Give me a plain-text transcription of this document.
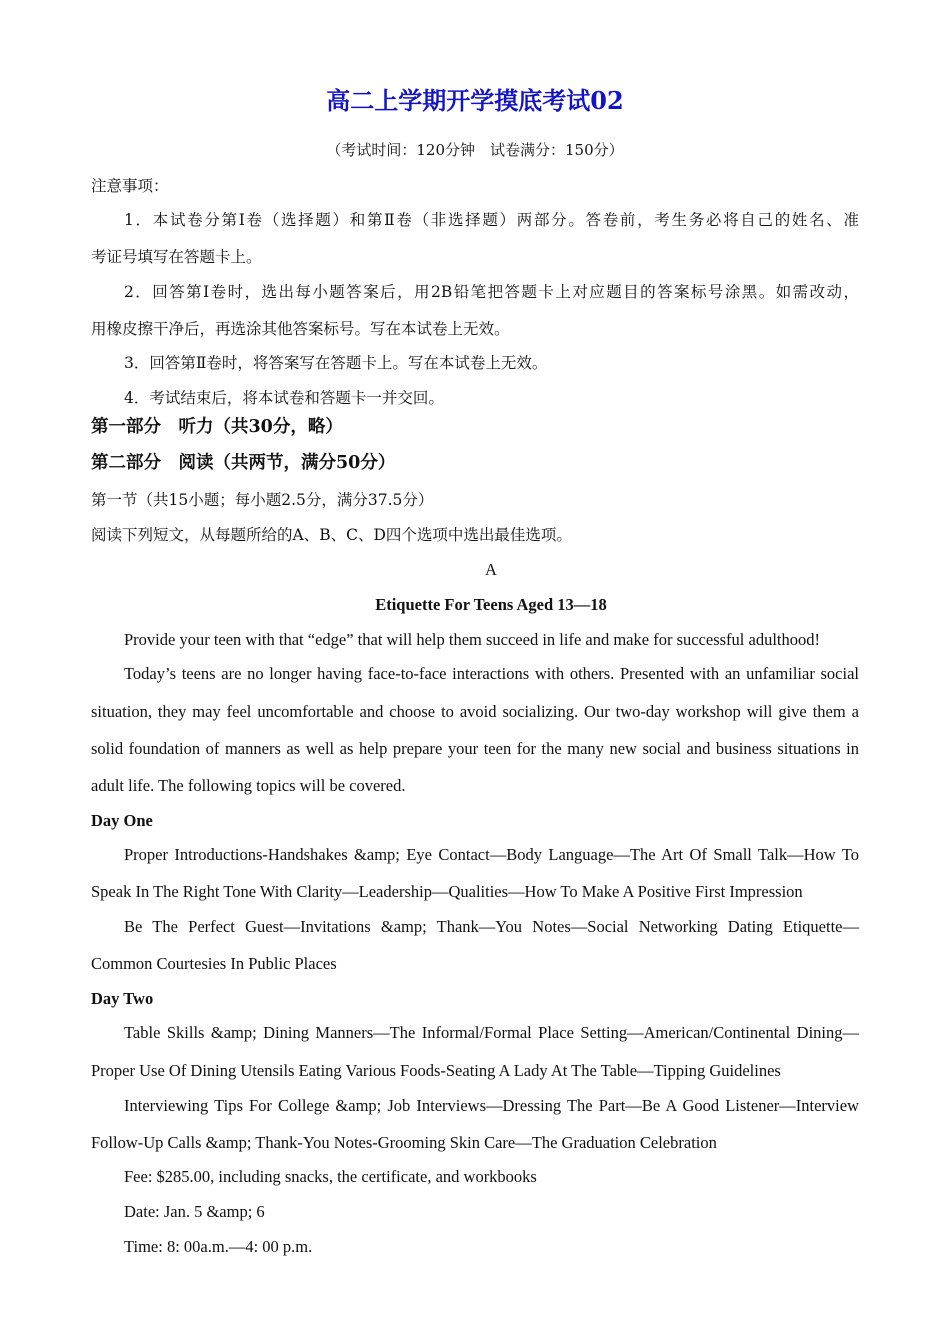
高二上学期开学摸底考试02
（考试时间：120分钟　试卷满分：150分）
注意事项：
1．本试卷分第Ⅰ卷（选择题）和第Ⅱ卷（非选择题）两部分。答卷前，考生务必将自己的姓名、准
考证号填写在答题卡上。
2．回答第Ⅰ卷时，选出每小题答案后，用2B铅笔把答题卡上对应题目的答案标号涂黑。如需改动，
用橡皮擦干净后，再选涂其他答案标号。写在本试卷上无效。
3．回答第Ⅱ卷时，将答案写在答题卡上。写在本试卷上无效。
4．考试结束后，将本试卷和答题卡一并交回。
第一部分　听力（共30分，略）
第二部分　阅读（共两节，满分50分）
第一节（共15小题；每小题2.5分，满分37.5分）
阅读下列短文，从每题所给的A、B、C、D四个选项中选出最佳选项。
A
Etiquette For Teens Aged 13—18
Provide your teen with that “edge” that will help them succeed in life and make for successful adulthood!
Today’s teens are no longer having face-to-face interactions with others. Presented with an unfamiliar social
situation, they may feel uncomfortable and choose to avoid socializing. Our two-day workshop will give them a
solid foundation of manners as well as help prepare your teen for the many new social and business situations in
adult life. The following topics will be covered.
Day One
Proper Introductions-Handshakes &amp; Eye Contact—Body Language—The Art Of Small Talk—How To
Speak In The Right Tone With Clarity—Leadership—Qualities—How To Make A Positive First Impression
Be The Perfect Guest—Invitations &amp; Thank—You Notes—Social Networking Dating Etiquette—
Common Courtesies In Public Places
Day Two
Table Skills &amp; Dining Manners—The Informal/Formal Place Setting—American/Continental Dining—
Proper Use Of Dining Utensils Eating Various Foods-Seating A Lady At The Table—Tipping Guidelines
Interviewing Tips For College &amp; Job Interviews—Dressing The Part—Be A Good Listener—Interview
Follow-Up Calls &amp; Thank-You Notes-Grooming Skin Care—The Graduation Celebration
Fee: $285.00, including snacks, the certificate, and workbooks
Date: Jan. 5 &amp; 6
Time: 8: 00a.m.—4: 00 p.m.
